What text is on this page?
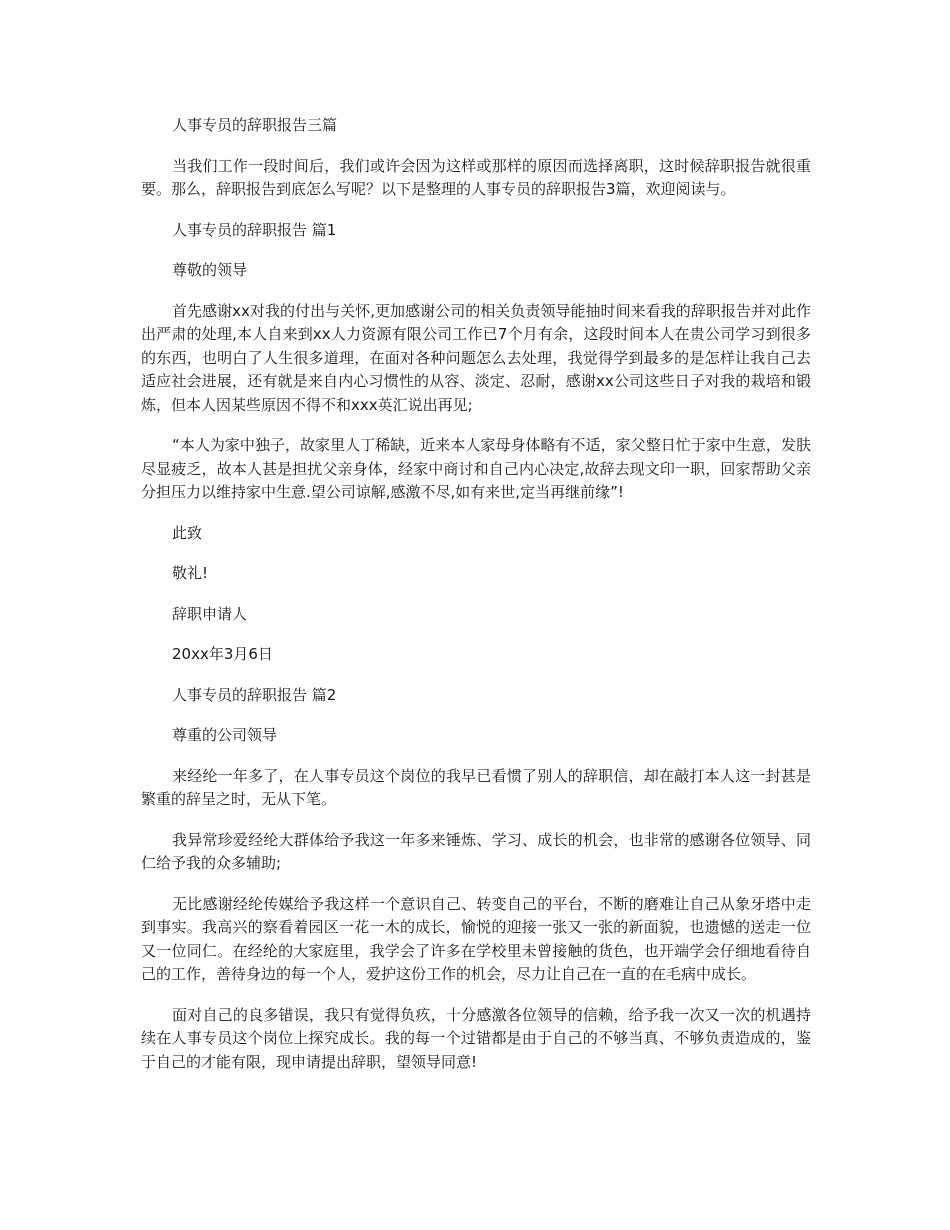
人事专员的辞职报告三篇

当我们工作一段时间后，我们或许会因为这样或那样的原因而选择离职，这时候辞职报告就很重要。那么，辞职报告到底怎么写呢？以下是整理的人事专员的辞职报告3篇，欢迎阅读与。

人事专员的辞职报告 篇1

尊敬的领导

首先感谢xx对我的付出与关怀,更加感谢公司的相关负责领导能抽时间来看我的辞职报告并对此作出严肃的处理,本人自来到xx人力资源有限公司工作已7个月有余，这段时间本人在贵公司学习到很多的东西，也明白了人生很多道理，在面对各种问题怎么去处理，我觉得学到最多的是怎样让我自己去适应社会进展，还有就是来自内心习惯性的从容、淡定、忍耐，感谢xx公司这些日子对我的栽培和锻炼，但本人因某些原因不得不和xxx英汇说出再见;

“本人为家中独子，故家里人丁稀缺，近来本人家母身体略有不适，家父整日忙于家中生意，发肤尽显疲乏，故本人甚是担扰父亲身体，经家中商讨和自己内心决定,故辞去现文印一职，回家帮助父亲分担压力以维持家中生意.望公司谅解,感激不尽,如有来世,定当再继前缘”!

此致

敬礼!

辞职申请人

20xx年3月6日

人事专员的辞职报告 篇2

尊重的公司领导

来经纶一年多了，在人事专员这个岗位的我早已看惯了别人的辞职信，却在敲打本人这一封甚是繁重的辞呈之时，无从下笔。

我异常珍爱经纶大群体给予我这一年多来锤炼、学习、成长的机会，也非常的感谢各位领导、同仁给予我的众多辅助;

无比感谢经纶传媒给予我这样一个意识自己、转变自己的平台，不断的磨难让自己从象牙塔中走到事实。我高兴的察看着园区一花一木的成长，愉悦的迎接一张又一张的新面貌，也遗憾的送走一位又一位同仁。在经纶的大家庭里，我学会了许多在学校里未曾接触的货色，也开端学会仔细地看待自己的工作，善待身边的每一个人，爱护这份工作的机会，尽力让自己在一直的在毛病中成长。

面对自己的良多错误，我只有觉得负疚，十分感激各位领导的信赖，给予我一次又一次的机遇持续在人事专员这个岗位上探究成长。我的每一个过错都是由于自己的不够当真、不够负责造成的，鉴于自己的才能有限，现申请提出辞职，望领导同意!
